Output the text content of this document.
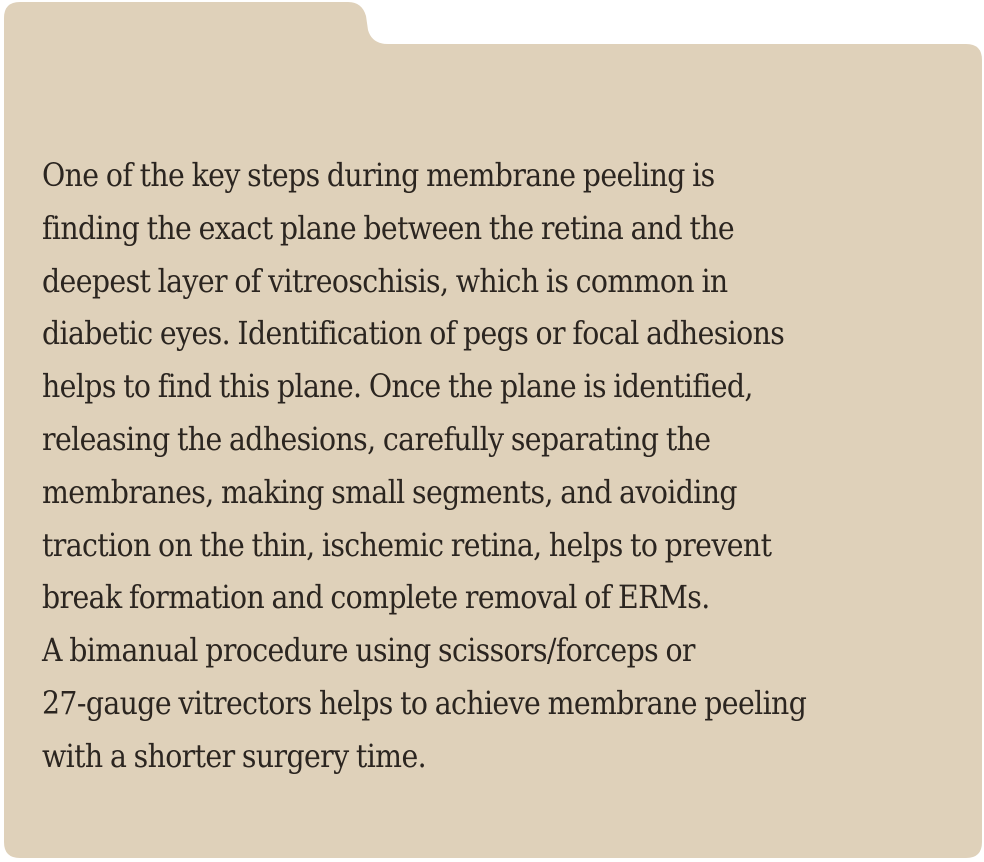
One of the key steps during membrane peeling is
finding the exact plane between the retina and the
deepest layer of vitreoschisis, which is common in
diabetic eyes. Identification of pegs or focal adhesions
helps to find this plane. Once the plane is identified,
releasing the adhesions, carefully separating the
membranes, making small segments, and avoiding
traction on the thin, ischemic retina, helps to prevent
break formation and complete removal of ERMs.
A bimanual procedure using scissors/forceps or
27-gauge vitrectors helps to achieve membrane peeling
with a shorter surgery time.
